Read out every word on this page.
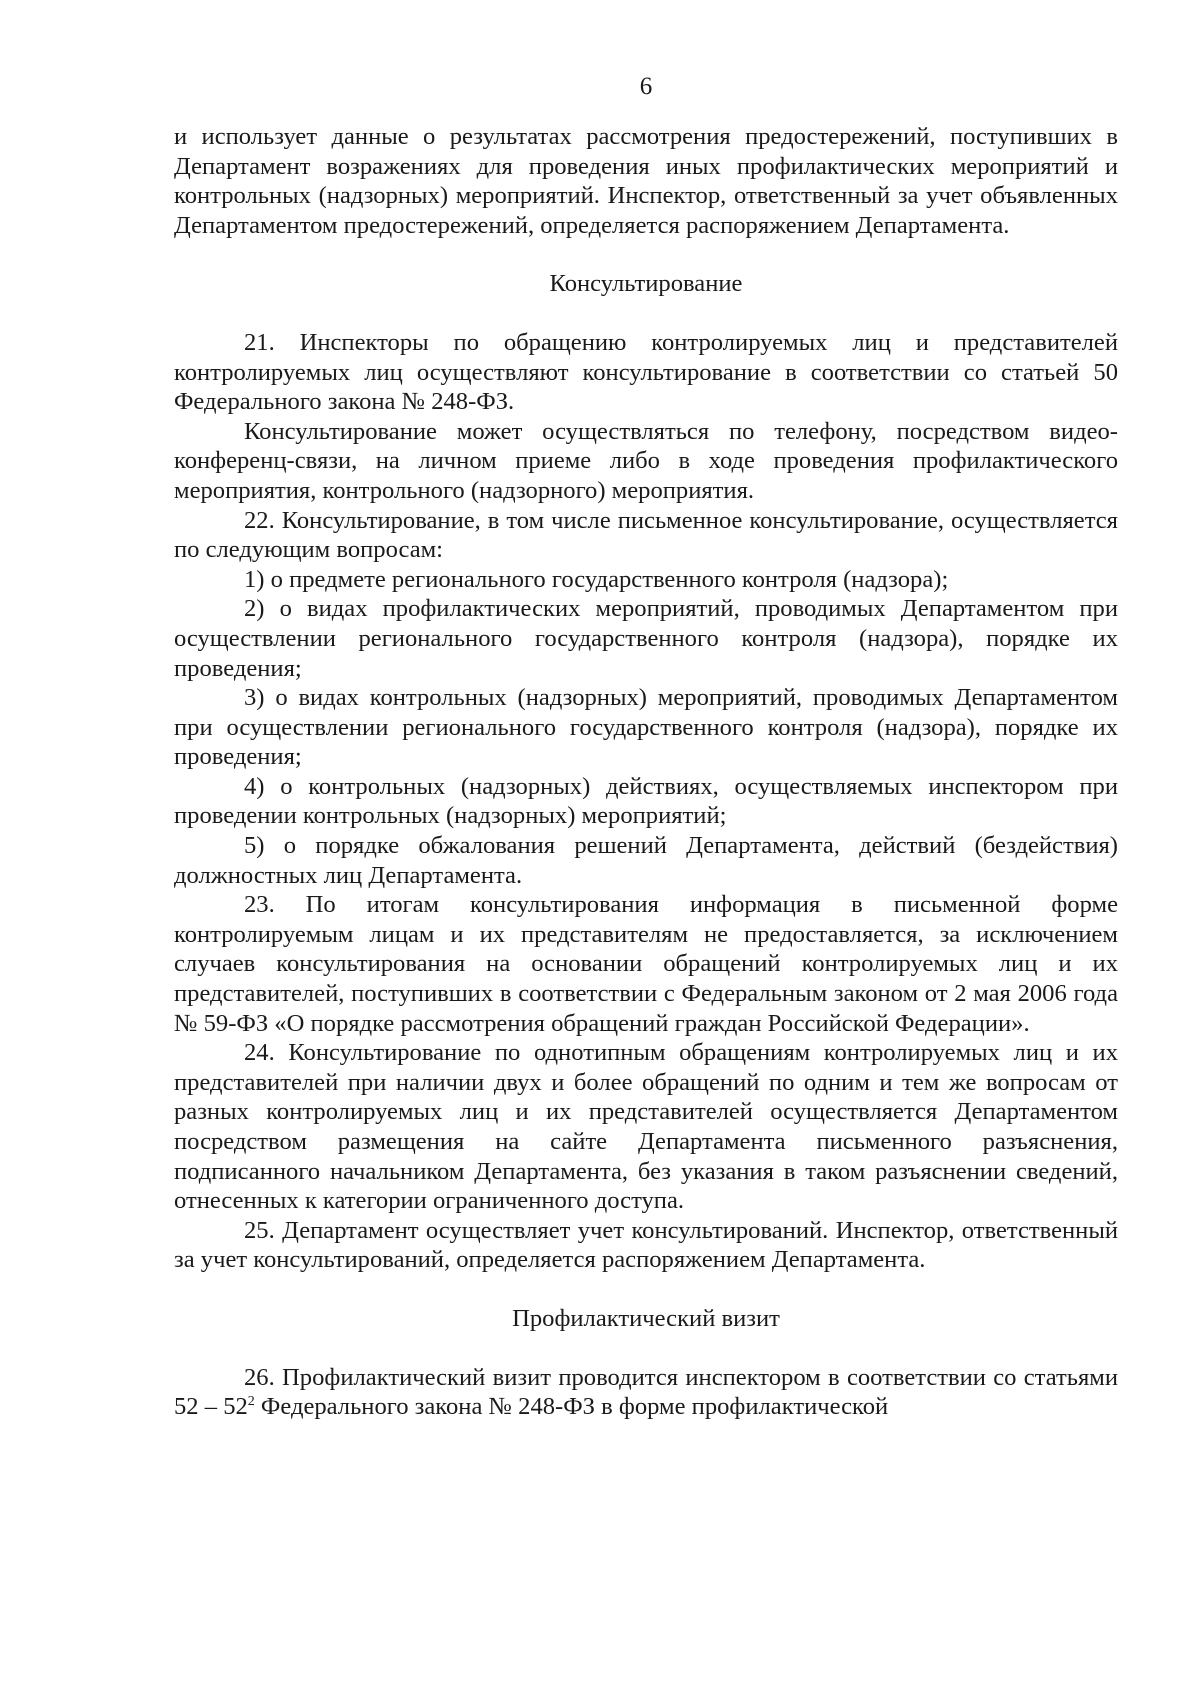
6

и использует данные о результатах рассмотрения предостережений, поступивших в Департамент возражениях для проведения иных профилактических мероприятий и контрольных (надзорных) мероприятий. Инспектор, ответственный за учет объявленных Департаментом предостережений, определяется распоряжением Департамента.

Консультирование

21. Инспекторы по обращению контролируемых лиц и представителей контролируемых лиц осуществляют консультирование в соответствии со статьей 50 Федерального закона № 248-ФЗ.

Консультирование может осуществляться по телефону, посредством видео-конференц-связи, на личном приеме либо в ходе проведения профилактического мероприятия, контрольного (надзорного) мероприятия.

22. Консультирование, в том числе письменное консультирование, осуществляется по следующим вопросам:

1) о предмете регионального государственного контроля (надзора);

2) о видах профилактических мероприятий, проводимых Департаментом при осуществлении регионального государственного контроля (надзора), порядке их проведения;

3) о видах контрольных (надзорных) мероприятий, проводимых Департаментом при осуществлении регионального государственного контроля (надзора), порядке их проведения;

4) о контрольных (надзорных) действиях, осуществляемых инспектором при проведении контрольных (надзорных) мероприятий;

5) о порядке обжалования решений Департамента, действий (бездействия) должностных лиц Департамента.

23. По итогам консультирования информация в письменной форме контролируемым лицам и их представителям не предоставляется, за исключением случаев консультирования на основании обращений контролируемых лиц и их представителей, поступивших в соответствии с Федеральным законом от 2 мая 2006 года № 59-ФЗ «О порядке рассмотрения обращений граждан Российской Федерации».

24. Консультирование по однотипным обращениям контролируемых лиц и их представителей при наличии двух и более обращений по одним и тем же вопросам от разных контролируемых лиц и их представителей осуществляется Департаментом посредством размещения на сайте Департамента письменного разъяснения, подписанного начальником Департамента, без указания в таком разъяснении сведений, отнесенных к категории ограниченного доступа.

25. Департамент осуществляет учет консультирований. Инспектор, ответственный за учет консультирований, определяется распоряжением Департамента.

Профилактический визит

26. Профилактический визит проводится инспектором в соответствии со статьями $52 - 52^2$ Федерального закона № 248-ФЗ в форме профилактической
